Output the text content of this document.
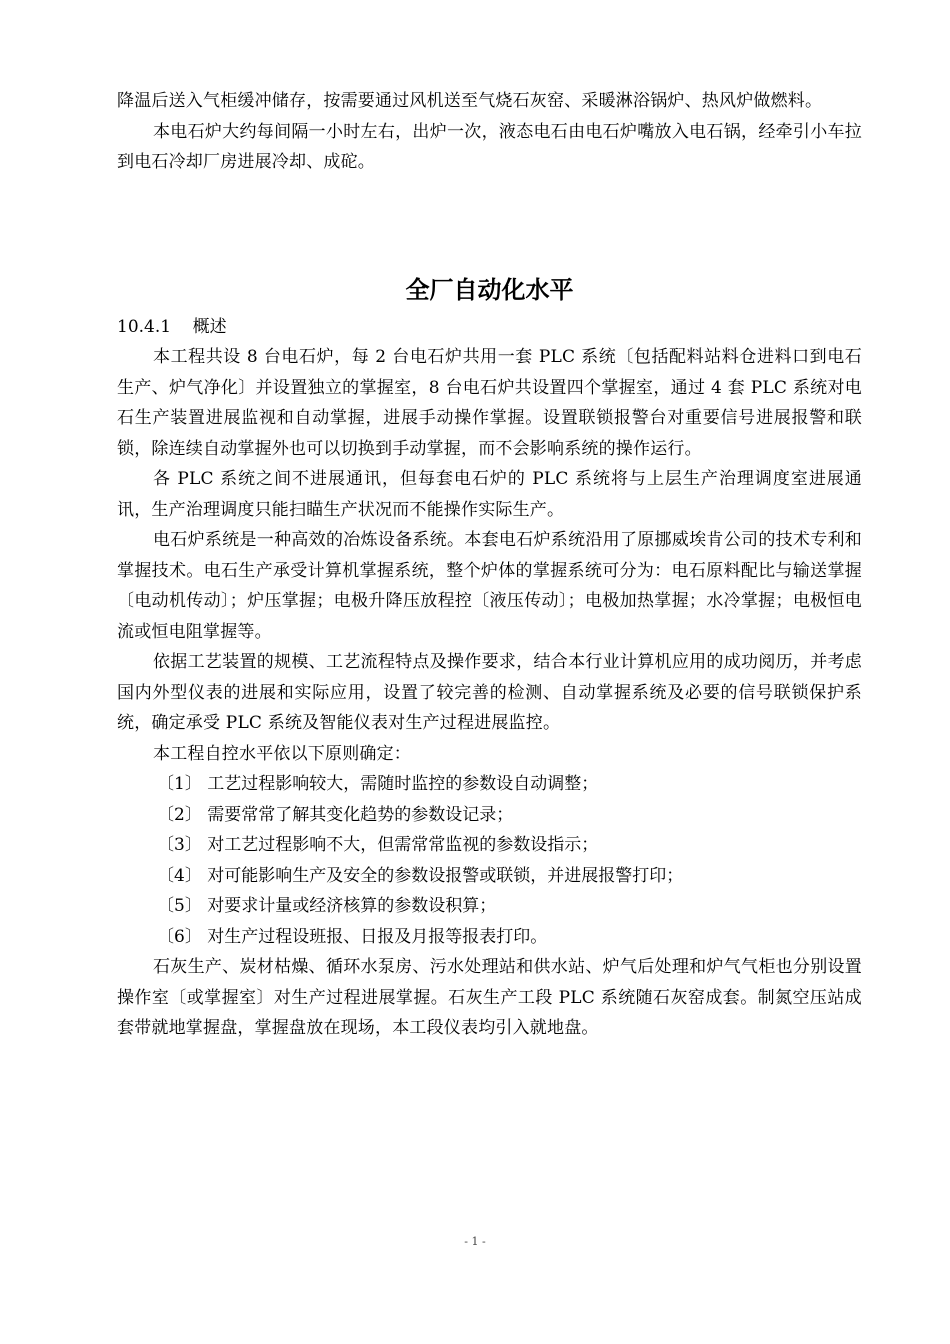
降温后送入气柜缓冲储存，按需要通过风机送至气烧石灰窑、采暖淋浴锅炉、热风炉做燃料。

本电石炉大约每间隔一小时左右，出炉一次，液态电石由电石炉嘴放入电石锅，经牵引小车拉到电石冷却厂房进展冷却、成砣。

全厂自动化水平

10.4.1    概述

本工程共设 8 台电石炉，每 2 台电石炉共用一套 PLC 系统〔包括配料站料仓进料口到电石生产、炉气净化〕并设置独立的掌握室，8 台电石炉共设置四个掌握室，通过 4 套 PLC 系统对电石生产装置进展监视和自动掌握，进展手动操作掌握。设置联锁报警台对重要信号进展报警和联锁，除连续自动掌握外也可以切换到手动掌握，而不会影响系统的操作运行。

各 PLC 系统之间不进展通讯，但每套电石炉的 PLC 系统将与上层生产治理调度室进展通讯，生产治理调度只能扫瞄生产状况而不能操作实际生产。

电石炉系统是一种高效的冶炼设备系统。本套电石炉系统沿用了原挪威埃肯公司的技术专利和掌握技术。电石生产承受计算机掌握系统，整个炉体的掌握系统可分为：电石原料配比与输送掌握〔电动机传动〕；炉压掌握；电极升降压放程控〔液压传动〕；电极加热掌握；水冷掌握；电极恒电流或恒电阻掌握等。

依据工艺装置的规模、工艺流程特点及操作要求，结合本行业计算机应用的成功阅历，并考虑国内外型仪表的进展和实际应用，设置了较完善的检测、自动掌握系统及必要的信号联锁保护系统，确定承受 PLC 系统及智能仪表对生产过程进展监控。

本工程自控水平依以下原则确定：

〔1〕 工艺过程影响较大，需随时监控的参数设自动调整；
〔2〕 需要常常了解其变化趋势的参数设记录；
〔3〕 对工艺过程影响不大，但需常常监视的参数设指示；
〔4〕 对可能影响生产及安全的参数设报警或联锁，并进展报警打印；
〔5〕 对要求计量或经济核算的参数设积算；
〔6〕 对生产过程设班报、日报及月报等报表打印。

石灰生产、炭材枯燥、循环水泵房、污水处理站和供水站、炉气后处理和炉气气柜也分别设置操作室〔或掌握室〕对生产过程进展掌握。石灰生产工段 PLC 系统随石灰窑成套。制氮空压站成套带就地掌握盘，掌握盘放在现场，本工段仪表均引入就地盘。

- 1 -
